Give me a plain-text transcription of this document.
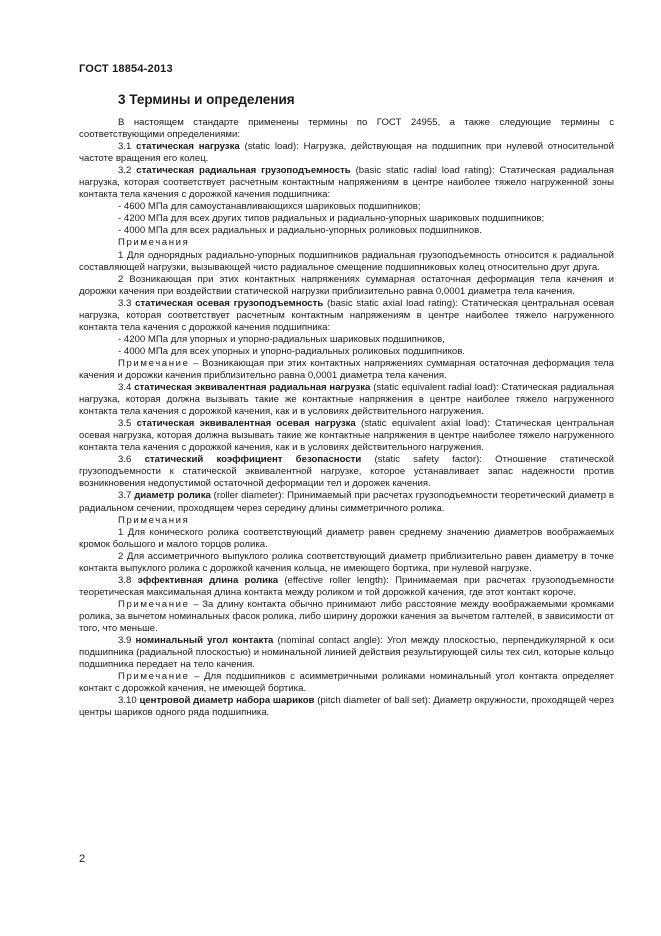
ГОСТ 18854-2013
3 Термины и определения

В настоящем стандарте применены термины по ГОСТ 24955, а также следующие термины с соответствующими определениями:

3.1 статическая нагрузка (static load): Нагрузка, действующая на подшипник при нулевой относительной частоте вращения его колец.

3.2 статическая радиальная грузоподъемность (basic static radial load rating): Статическая радиальная нагрузка, которая соответствует расчетным контактным напряжениям в центре наиболее тяжело нагруженной зоны контакта тела качения с дорожкой качения подшипника:

- 4600 МПа для самоустанавливающихся шариковых подшипников;

- 4200 МПа для всех других типов радиальных и радиально-упорных шариковых подшипников;

- 4000 МПа для всех радиальных и радиально-упорных роликовых подшипников.

Примечания

1 Для однорядных радиально-упорных подшипников радиальная грузоподъемность относится к радиальной составляющей нагрузки, вызывающей чисто радиальное смещение подшипниковых колец относительно друг друга.

2 Возникающая при этих контактных напряжениях суммарная остаточная деформация тела качения и дорожки качения при воздействии статической нагрузки приблизительно равна 0,0001 диаметра тела качения.

3.3 статическая осевая грузоподъемность (basic static axial load rating): Статическая центральная осевая нагрузка, которая соответствует расчетным контактным напряжениям в центре наиболее тяжело нагруженного контакта тела качения с дорожкой качения подшипника:

- 4200 МПа для упорных и упорно-радиальных шариковых подшипников,

- 4000 МПа для всех упорных и упорно-радиальных роликовых подшипников.

Примечание – Возникающая при этих контактных напряжениях суммарная остаточная деформация тела качения и дорожки качения приблизительно равна 0,0001 диаметра тела качения.

3.4 статическая эквивалентная радиальная нагрузка (static equivalent radial load): Статическая радиальная нагрузка, которая должна вызывать такие же контактные напряжения в центре наиболее тяжело нагруженного контакта тела качения с дорожкой качения, как и в условиях действительного нагружения.

3.5 статическая эквивалентная осевая нагрузка (static equivalent axial load): Статическая центральная осевая нагрузка, которая должна вызывать такие же контактные напряжения в центре наиболее тяжело нагруженного контакта тела качения с дорожкой качения, как и в условиях действительного нагружения.

3.6 статический коэффициент безопасности (static safety factor): Отношение статической грузоподъемности к статической эквивалентной нагрузке, которое устанавливает запас надежности против возникновения недопустимой остаточной деформации тел и дорожек качения.

3.7 диаметр ролика (roller diameter): Принимаемый при расчетах грузоподъемности теоретический диаметр в радиальном сечении, проходящем через середину длины симметричного ролика.

Примечания

1 Для конического ролика соответствующий диаметр равен среднему значению диаметров воображаемых кромок большого и малого торцов ролика.

2 Для ассиметричного выпуклого ролика соответствующий диаметр приблизительно равен диаметру в точке контакта выпуклого ролика с дорожкой качения кольца, не имеющего бортика, при нулевой нагрузке.

3.8 эффективная длина ролика (effective roller length): Принимаемая при расчетах грузоподъемности теоретическая максимальная длина контакта между роликом и той дорожкой качения, где этот контакт короче.

Примечание – За длину контакта обычно принимают либо расстояние между воображаемыми кромками ролика, за вычетом номинальных фасок ролика, либо ширину дорожки качения за вычетом галтелей, в зависимости от того, что меньше.

3.9 номинальный угол контакта (nominal contact angle): Угол между плоскостью, перпендикулярной к оси подшипника (радиальной плоскостью) и номинальной линией действия результирующей силы тех сил, которые кольцо подшипника передает на тело качения.

Примечание – Для подшипников с асимметричными роликами номинальный угол контакта определяет контакт с дорожкой качения, не имеющей бортика.

3.10 центровой диаметр набора шариков (pitch diameter of ball set): Диаметр окружности, проходящей через центры шариков одного ряда подшипника.

2
